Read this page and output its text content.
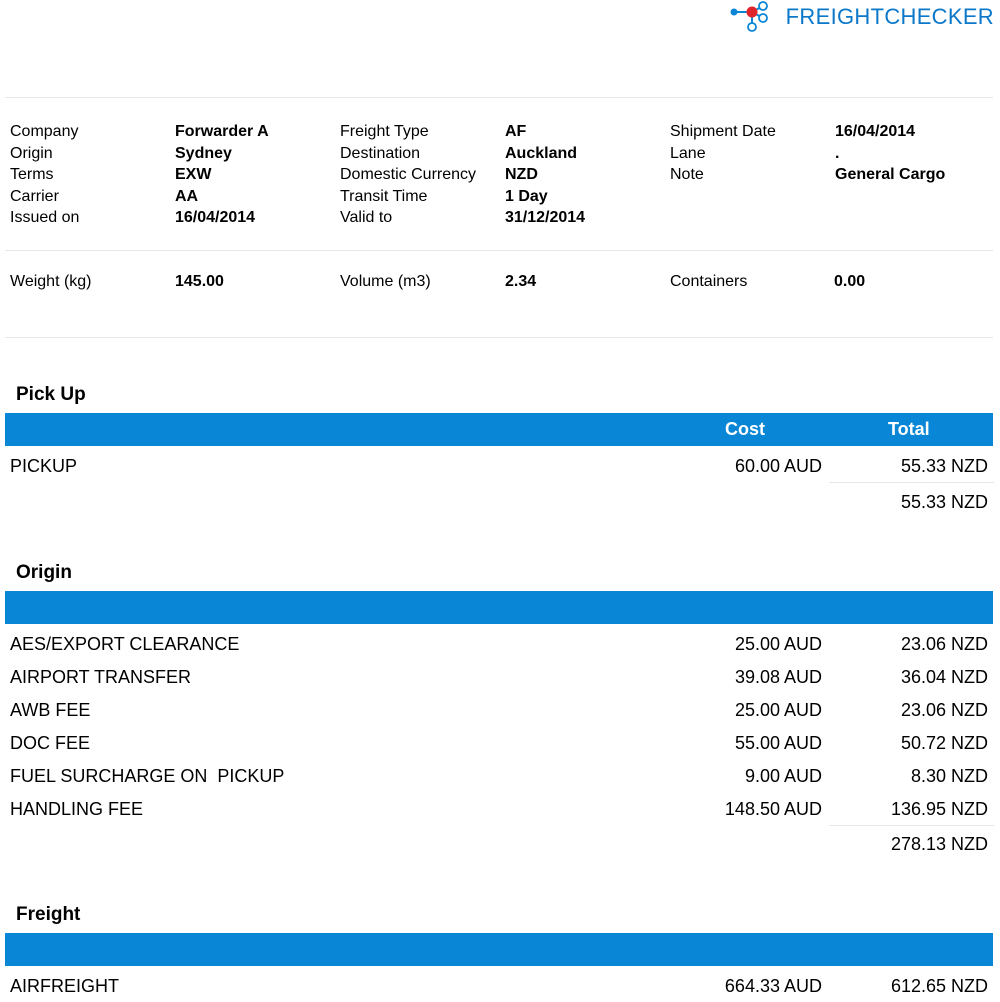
FREIGHTCHECKER
Company	Forwarder A	Freight Type	AF	Shipment Date	16/04/2014
Origin	Sydney	Destination	Auckland	Lane	.
Terms	EXW	Domestic Currency	NZD	Note	General Cargo
Carrier	AA	Transit Time	1 Day		
Issued on	16/04/2014	Valid to	31/12/2014		
Weight (kg)	145.00	Volume (m3)	2.34	Containers	0.00
Pick Up
Cost	Total
PICKUP	60.00 AUD	55.33 NZD
55.33 NZD
Origin
AES/EXPORT CLEARANCE	25.00 AUD	23.06 NZD
AIRPORT TRANSFER	39.08 AUD	36.04 NZD
AWB FEE	25.00 AUD	23.06 NZD
DOC FEE	55.00 AUD	50.72 NZD
FUEL SURCHARGE ON  PICKUP	9.00 AUD	8.30 NZD
HANDLING FEE	148.50 AUD	136.95 NZD
278.13 NZD
Freight
AIRFREIGHT	664.33 AUD	612.65 NZD
